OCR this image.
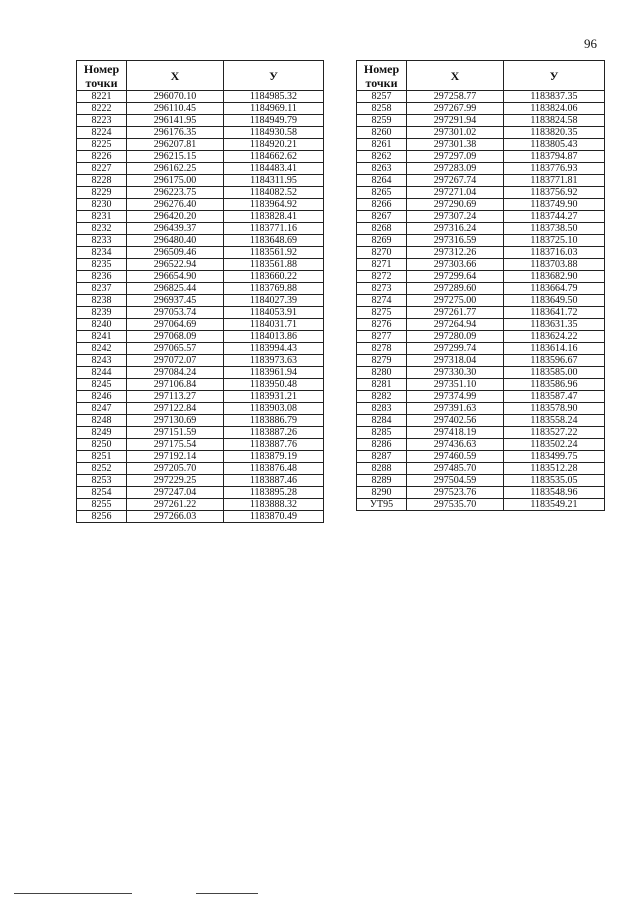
96
Номер
точки	X	У
8221	296070.10	1184985.32
8222	296110.45	1184969.11
8223	296141.95	1184949.79
8224	296176.35	1184930.58
8225	296207.81	1184920.21
8226	296215.15	1184662.62
8227	296162.25	1184483.41
8228	296175.00	1184311.95
8229	296223.75	1184082.52
8230	296276.40	1183964.92
8231	296420.20	1183828.41
8232	296439.37	1183771.16
8233	296480.40	1183648.69
8234	296509.46	1183561.92
8235	296522.94	1183561.88
8236	296654.90	1183660.22
8237	296825.44	1183769.88
8238	296937.45	1184027.39
8239	297053.74	1184053.91
8240	297064.69	1184031.71
8241	297068.09	1184013.86
8242	297065.57	1183994.43
8243	297072.07	1183973.63
8244	297084.24	1183961.94
8245	297106.84	1183950.48
8246	297113.27	1183931.21
8247	297122.84	1183903.08
8248	297130.69	1183886.79
8249	297151.59	1183887.26
8250	297175.54	1183887.76
8251	297192.14	1183879.19
8252	297205.70	1183876.48
8253	297229.25	1183887.46
8254	297247.04	1183895.28
8255	297261.22	1183888.32
8256	297266.03	1183870.49
Номер
точки	X	У
8257	297258.77	1183837.35
8258	297267.99	1183824.06
8259	297291.94	1183824.58
8260	297301.02	1183820.35
8261	297301.38	1183805.43
8262	297297.09	1183794.87
8263	297283.09	1183776.93
8264	297267.74	1183771.81
8265	297271.04	1183756.92
8266	297290.69	1183749.90
8267	297307.24	1183744.27
8268	297316.24	1183738.50
8269	297316.59	1183725.10
8270	297312.26	1183716.03
8271	297303.66	1183703.88
8272	297299.64	1183682.90
8273	297289.60	1183664.79
8274	297275.00	1183649.50
8275	297261.77	1183641.72
8276	297264.94	1183631.35
8277	297280.09	1183624.22
8278	297299.74	1183614.16
8279	297318.04	1183596.67
8280	297330.30	1183585.00
8281	297351.10	1183586.96
8282	297374.99	1183587.47
8283	297391.63	1183578.90
8284	297402.56	1183558.24
8285	297418.19	1183527.22
8286	297436.63	1183502.24
8287	297460.59	1183499.75
8288	297485.70	1183512.28
8289	297504.59	1183535.05
8290	297523.76	1183548.96
УТ95	297535.70	1183549.21
